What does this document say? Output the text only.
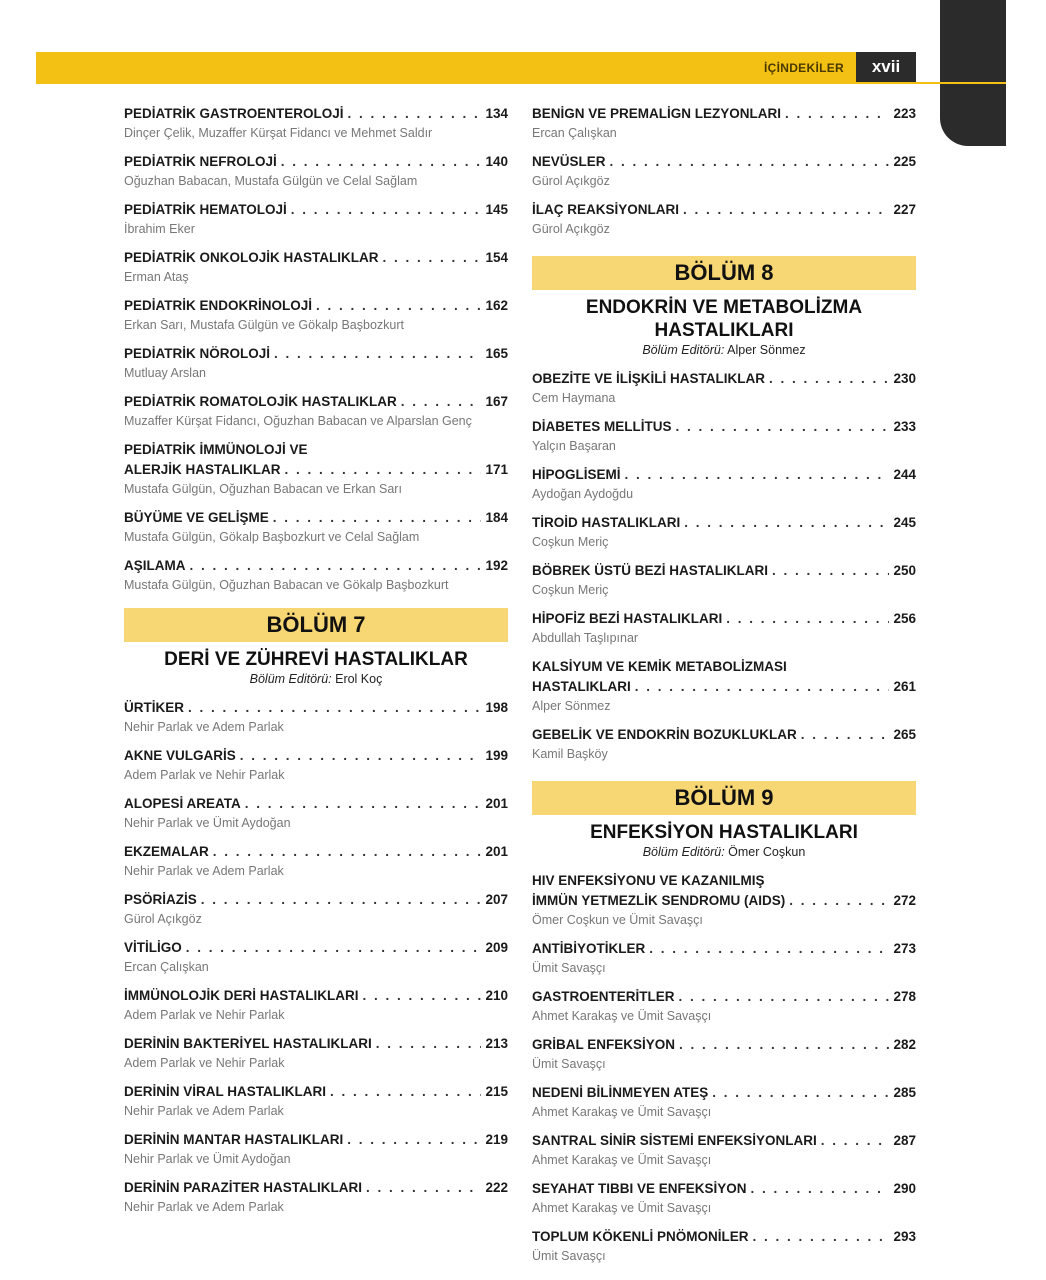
İÇİNDEKİLER	xvii
PEDİATRİK GASTROENTEROLOJİ . . .	134
Dinçer Çelik, Muzaffer Kürşat Fidancı ve Mehmet Saldır
PEDİATRİK NEFROLOJİ . . .	140
Oğuzhan Babacan, Mustafa Gülgün ve Celal Sağlam
PEDİATRİK HEMATOLOJİ . . .	145
İbrahim Eker
PEDİATRİK ONKOLOJİK HASTALIKLAR . . .	154
Erman Ataş
PEDİATRİK ENDOKRİNOLOJİ . . .	162
Erkan Sarı, Mustafa Gülgün ve Gökalp Başbozkurt
PEDİATRİK NÖROLOJİ . . .	165
Mutluay Arslan
PEDİATRİK ROMATOLOJİK HASTALIKLAR . . .	167
Muzaffer Kürşat Fidancı, Oğuzhan Babacan ve Alparslan Genç
PEDİATRİK İMMÜNOLOJİ VE
ALERJİK HASTALIKLAR . . .	171
Mustafa Gülgün, Oğuzhan Babacan ve Erkan Sarı
BÜYÜME VE GELİŞME . . .	184
Mustafa Gülgün, Gökalp Başbozkurt ve Celal Sağlam
AŞILAMA . . .	192
Mustafa Gülgün, Oğuzhan Babacan ve Gökalp Başbozkurt
BÖLÜM 7
DERİ VE ZÜHREVİ HASTALIKLAR
Bölüm Editörü: Erol Koç
ÜRTİKER . . .	198
Nehir Parlak ve Adem Parlak
AKNE VULGARİS . . .	199
Adem Parlak ve Nehir Parlak
ALOPESİ AREATA . . .	201
Nehir Parlak ve Ümit Aydoğan
EKZEMALAR . . .	201
Nehir Parlak ve Adem Parlak
PSÖRİAZİS . . .	207
Gürol Açıkgöz
VİTİLİGO . . .	209
Ercan Çalışkan
İMMÜNOLOJİK DERİ HASTALIKLARI . . .	210
Adem Parlak ve Nehir Parlak
DERİNİN BAKTERİYEL HASTALIKLARI . . .	213
Adem Parlak ve Nehir Parlak
DERİNİN VİRAL HASTALIKLARI . . .	215
Nehir Parlak ve Adem Parlak
DERİNİN MANTAR HASTALIKLARI . . .	219
Nehir Parlak ve Ümit Aydoğan
DERİNİN PARAZİTER HASTALIKLARI . . .	222
Nehir Parlak ve Adem Parlak
BENİGN VE PREMALİGN LEZYONLARI . . .	223
Ercan Çalışkan
NEVÜSLER . . .	225
Gürol Açıkgöz
İLAÇ REAKSİYONLARI . . .	227
Gürol Açıkgöz
BÖLÜM 8
ENDOKRİN VE METABOLİZMA
HASTALIKLARI
Bölüm Editörü: Alper Sönmez
OBEZİTE VE İLİŞKİLİ HASTALIKLAR . . .	230
Cem Haymana
DİABETES MELLİTUS . . .	233
Yalçın Başaran
HİPOGLİSEMİ . . .	244
Aydoğan Aydoğdu
TİROİD HASTALIKLARI . . .	245
Coşkun Meriç
BÖBREK ÜSTÜ BEZİ HASTALIKLARI . . .	250
Coşkun Meriç
HİPOFİZ BEZİ HASTALIKLARI . . .	256
Abdullah Taşlıpınar
KALSİYUM VE KEMİK METABOLİZMASI
HASTALIKLARI . . .	261
Alper Sönmez
GEBELİK VE ENDOKRİN BOZUKLUKLAR . . .	265
Kamil Başköy
BÖLÜM 9
ENFEKSİYON HASTALIKLARI
Bölüm Editörü: Ömer Coşkun
HIV ENFEKSİYONU VE KAZANILMIŞ
İMMÜN YETMEZLİK SENDROMU (AIDS) . . .	272
Ömer Coşkun ve Ümit Savaşçı
ANTİBİYOTİKLER . . .	273
Ümit Savaşçı
GASTROENTERİTLER . . .	278
Ahmet Karakaş ve Ümit Savaşçı
GRİBAL ENFEKSİYON . . .	282
Ümit Savaşçı
NEDENİ BİLİNMEYEN ATEŞ . . .	285
Ahmet Karakaş ve Ümit Savaşçı
SANTRAL SİNİR SİSTEMİ ENFEKSİYONLARI . . .	287
Ahmet Karakaş ve Ümit Savaşçı
SEYAHAT TIBBI VE ENFEKSİYON . . .	290
Ahmet Karakaş ve Ümit Savaşçı
TOPLUM KÖKENLİ PNÖMONİLER . . .	293
Ümit Savaşçı
